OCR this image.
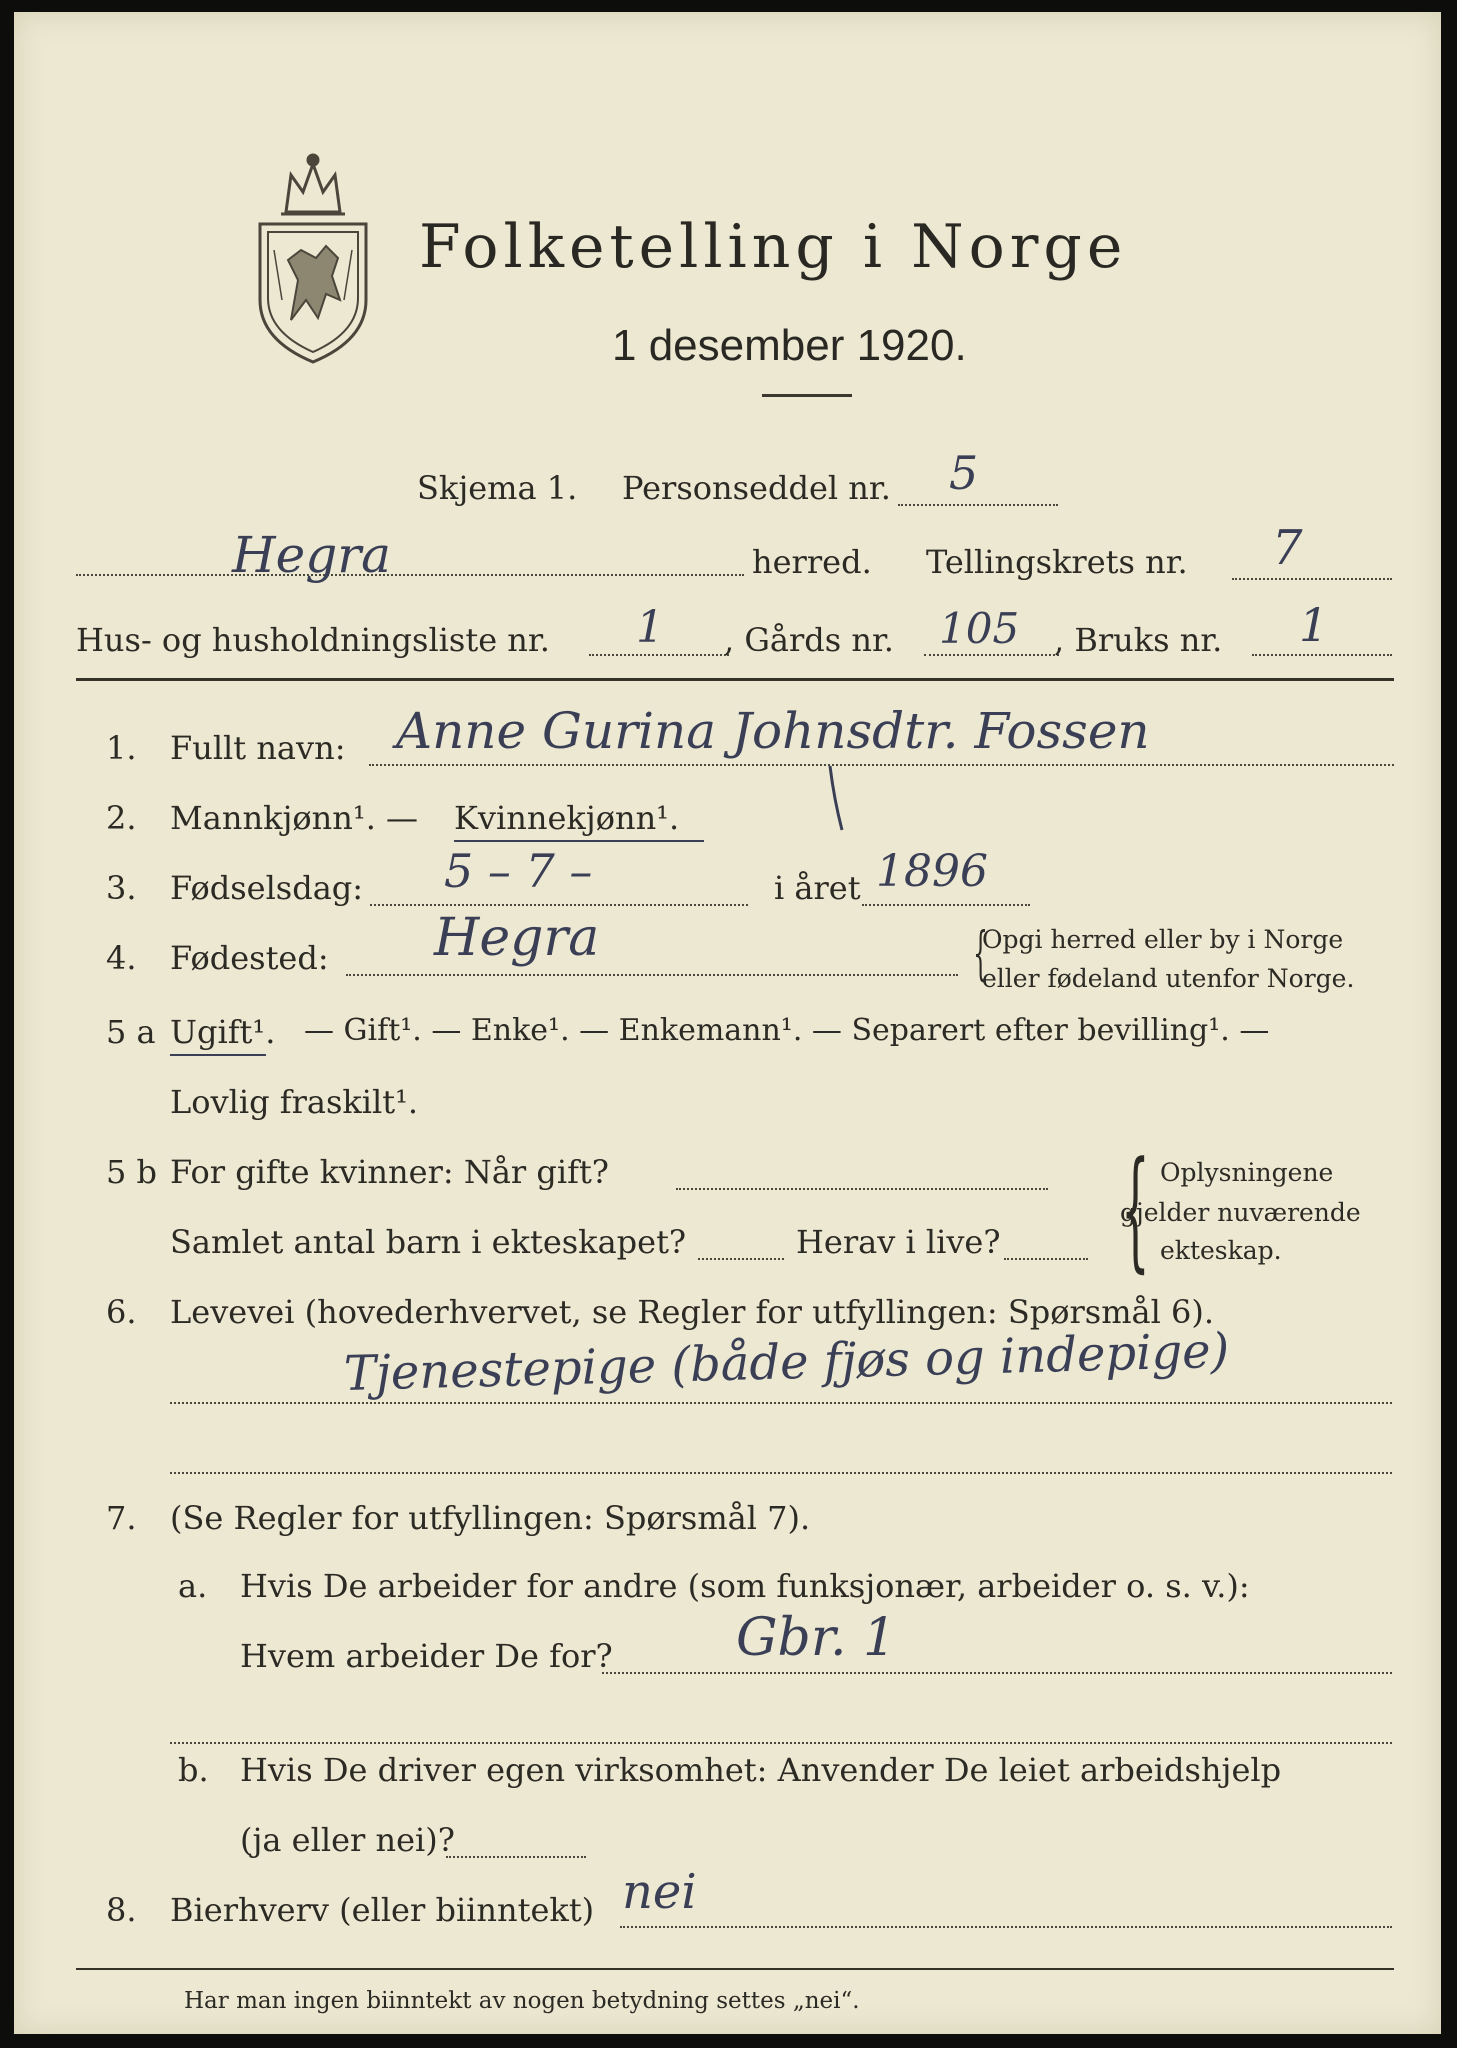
Folketelling i Norge
1 desember 1920.
Skjema 1. Personseddel nr. 5
Hegra	herred. Tellingskrets nr. 7
Hus- og husholdningsliste nr. 1 , Gårds nr. 105 , Bruks nr. 1
1. Fullt navn: Anne Gurina Johnsdtr. Fossen
2. Mannkjønn¹. — Kvinnekjønn¹.
3. Fødselsdag: 5 – 7 –	i året 1896
4. Fødested: Hegra	{
Opgi herred eller by i Norge
eller fødeland utenfor Norge.
5 a Ugift¹. — Gift¹. — Enke¹. — Enkemann¹. — Separert efter bevilling¹. —
Lovlig fraskilt¹.
5 b For gifte kvinner: Når gift?
Samlet antal barn i ekteskapet?	Herav i live? { Oplysningene
gjelder nuværende
ekteskap.
6. Levevei (hovederhvervet, se Regler for utfyllingen: Spørsmål 6).
Tjenestepige (både fjøs og indepige)
7. (Se Regler for utfyllingen: Spørsmål 7).
a. Hvis De arbeider for andre (som funksjonær, arbeider o. s. v.):
Hvem arbeider De for? Gbr. 1
b. Hvis De driver egen virksomhet: Anvender De leiet arbeidshjelp
(ja eller nei)?
8. Bierhverv (eller biinntekt) nei
Har man ingen biinntekt av nogen betydning settes „nei“.
